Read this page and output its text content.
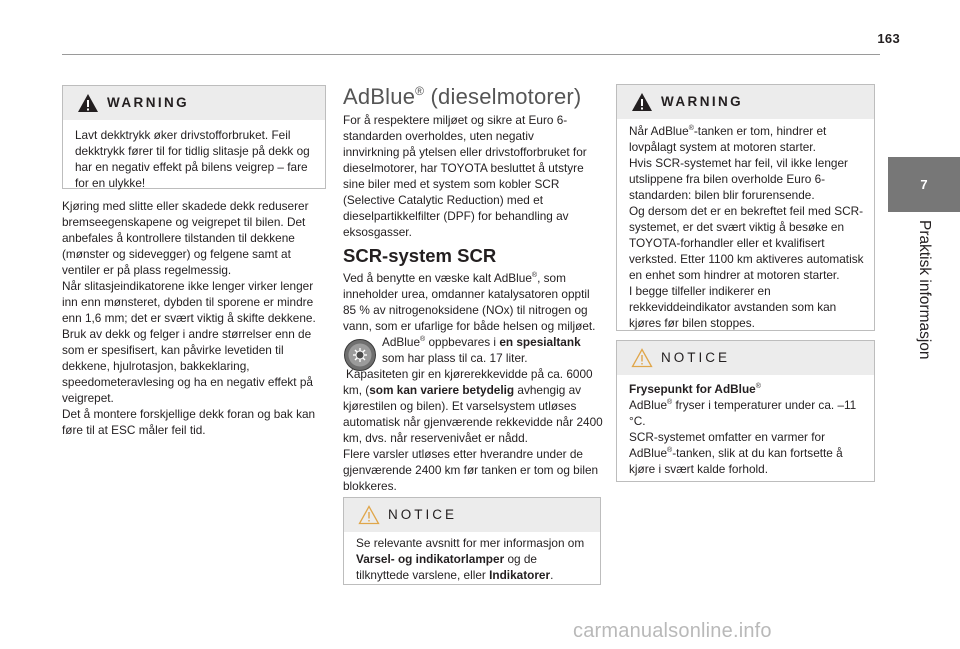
163
7
Praktisk informasjon
WARNING
Lavt dekktrykk øker drivstofforbruket. Feil dekktrykk fører til for tidlig slitasje på dekk og har en negativ effekt på bilens veigrep – fare for en ulykke!

Kjøring med slitte eller skadede dekk reduserer bremseegenskapene og veigrepet til bilen. Det anbefales å kontrollere tilstanden til dekkene (mønster og sidevegger) og felgene samt at ventiler er på plass regelmessig.

Når slitasjeindikatorene ikke lenger virker lenger inn enn mønsteret, dybden til sporene er mindre enn 1,6 mm; det er svært viktig å skifte dekkene.

Bruk av dekk og felger i andre størrelser enn de som er spesifisert, kan påvirke levetiden til dekkene, hjulrotasjon, bakkeklaring, speedometeravlesing og ha en negativ effekt på veigrepet.

Det å montere forskjellige dekk foran og bak kan føre til at ESC måler feil tid.

AdBlue® (dieselmotorer)
For å respektere miljøet og sikre at Euro 6-standarden overholdes, uten negativ innvirkning på ytelsen eller drivstofforbruket for dieselmotorer, har TOYOTA besluttet å utstyre sine biler med et system som kobler SCR (Selective Catalytic Reduction) med et dieselpartikkelfilter (DPF) for behandling av eksosgasser.
SCR-system SCR
Ved å benytte en væske kalt AdBlue®, som inneholder urea, omdanner katalysatoren opptil 85 % av nitrogenoksidene (NOx) til nitrogen og vann, som er ufarlige for både helsen og miljøet.
AdBlue® oppbevares i en spesialtank
som har plass til ca. 17 liter.
Kapasiteten gir en kjørerekkevidde på ca. 6000 km, (som kan variere betydelig avhengig av kjørestilen og bilen). Et varselsystem utløses automatisk når gjenværende rekkevidde når 2400 km, dvs. når reservenivået er nådd.
Flere varsler utløses etter hverandre under de gjenværende 2400 km før tanken er tom og bilen blokkeres.
NOTICE
Se relevante avsnitt for mer informasjon om Varsel- og indikatorlamper og de tilknyttede varslene, eller Indikatorer.
WARNING
Når AdBlue®-tanken er tom, hindrer et lovpålagt system at motoren starter.
Hvis SCR-systemet har feil, vil ikke lenger utslippene fra bilen overholde Euro 6-standarden: bilen blir forurensende.
Og dersom det er en bekreftet feil med SCR-systemet, er det svært viktig å besøke en TOYOTA-forhandler eller et kvalifisert verksted. Etter 1100 km aktiveres automatisk en enhet som hindrer at motoren starter.
I begge tilfeller indikerer en rekkeviddeindikator avstanden som kan kjøres før bilen stoppes.
NOTICE
Frysepunkt for AdBlue®
AdBlue® fryser i temperaturer under ca. –11 °C.
SCR-systemet omfatter en varmer for AdBlue®-tanken, slik at du kan fortsette å kjøre i svært kalde forhold.
carmanualsonline.info
